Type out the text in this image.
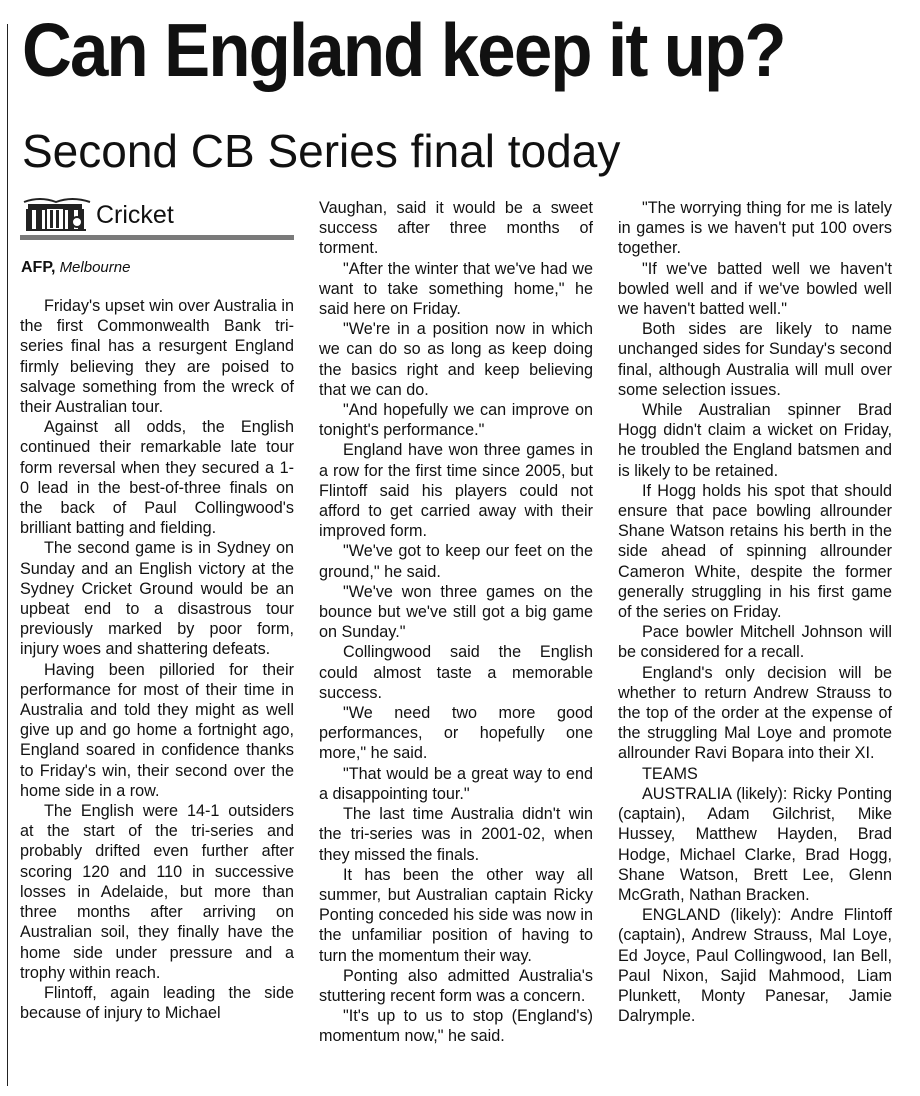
Can England keep it up?
Second CB Series final today
Cricket
AFP, Melbourne

Friday's upset win over Australia in the first Commonwealth Bank tri-series final has a resurgent England firmly believing they are poised to salvage something from the wreck of their Australian tour.

Against all odds, the English continued their remarkable late tour form reversal when they secured a 1-0 lead in the best-of-three finals on the back of Paul Collingwood's brilliant batting and fielding.

The second game is in Sydney on Sunday and an English victory at the Sydney Cricket Ground would be an upbeat end to a disastrous tour previously marked by poor form, injury woes and shattering defeats.

Having been pilloried for their performance for most of their time in Australia and told they might as well give up and go home a fortnight ago, England soared in confidence thanks to Friday's win, their second over the home side in a row.

The English were 14-1 outsiders at the start of the tri-series and probably drifted even further after scoring 120 and 110 in successive losses in Adelaide, but more than three months after arriving on Australian soil, they finally have the home side under pressure and a trophy within reach.

Flintoff, again leading the side because of injury to Michael

Vaughan, said it would be a sweet success after three months of torment.

"After the winter that we've had we want to take something home," he said here on Friday.

"We're in a position now in which we can do so as long as keep doing the basics right and keep believing that we can do.

"And hopefully we can improve on tonight's performance."

England have won three games in a row for the first time since 2005, but Flintoff said his players could not afford to get carried away with their improved form.

"We've got to keep our feet on the ground," he said.

"We've won three games on the bounce but we've still got a big game on Sunday."

Collingwood said the English could almost taste a memorable success.

"We need two more good performances, or hopefully one more," he said.

"That would be a great way to end a disappointing tour."

The last time Australia didn't win the tri-series was in 2001-02, when they missed the finals.

It has been the other way all summer, but Australian captain Ricky Ponting conceded his side was now in the unfamiliar position of having to turn the momentum their way.

Ponting also admitted Australia's stuttering recent form was a concern.

"It's up to us to stop (England's) momentum now," he said.

"The worrying thing for me is lately in games is we haven't put 100 overs together.

"If we've batted well we haven't bowled well and if we've bowled well we haven't batted well."

Both sides are likely to name unchanged sides for Sunday's second final, although Australia will mull over some selection issues.

While Australian spinner Brad Hogg didn't claim a wicket on Friday, he troubled the England batsmen and is likely to be retained.

If Hogg holds his spot that should ensure that pace bowling allrounder Shane Watson retains his berth in the side ahead of spinning allrounder Cameron White, despite the former generally struggling in his first game of the series on Friday.

Pace bowler Mitchell Johnson will be considered for a recall.

England's only decision will be whether to return Andrew Strauss to the top of the order at the expense of the struggling Mal Loye and promote allrounder Ravi Bopara into their XI.

TEAMS

AUSTRALIA (likely): Ricky Ponting (captain), Adam Gilchrist, Mike Hussey, Matthew Hayden, Brad Hodge, Michael Clarke, Brad Hogg, Shane Watson, Brett Lee, Glenn McGrath, Nathan Bracken.

ENGLAND (likely): Andre Flintoff (captain), Andrew Strauss, Mal Loye, Ed Joyce, Paul Collingwood, Ian Bell, Paul Nixon, Sajid Mahmood, Liam Plunkett, Monty Panesar, Jamie Dalrymple.
